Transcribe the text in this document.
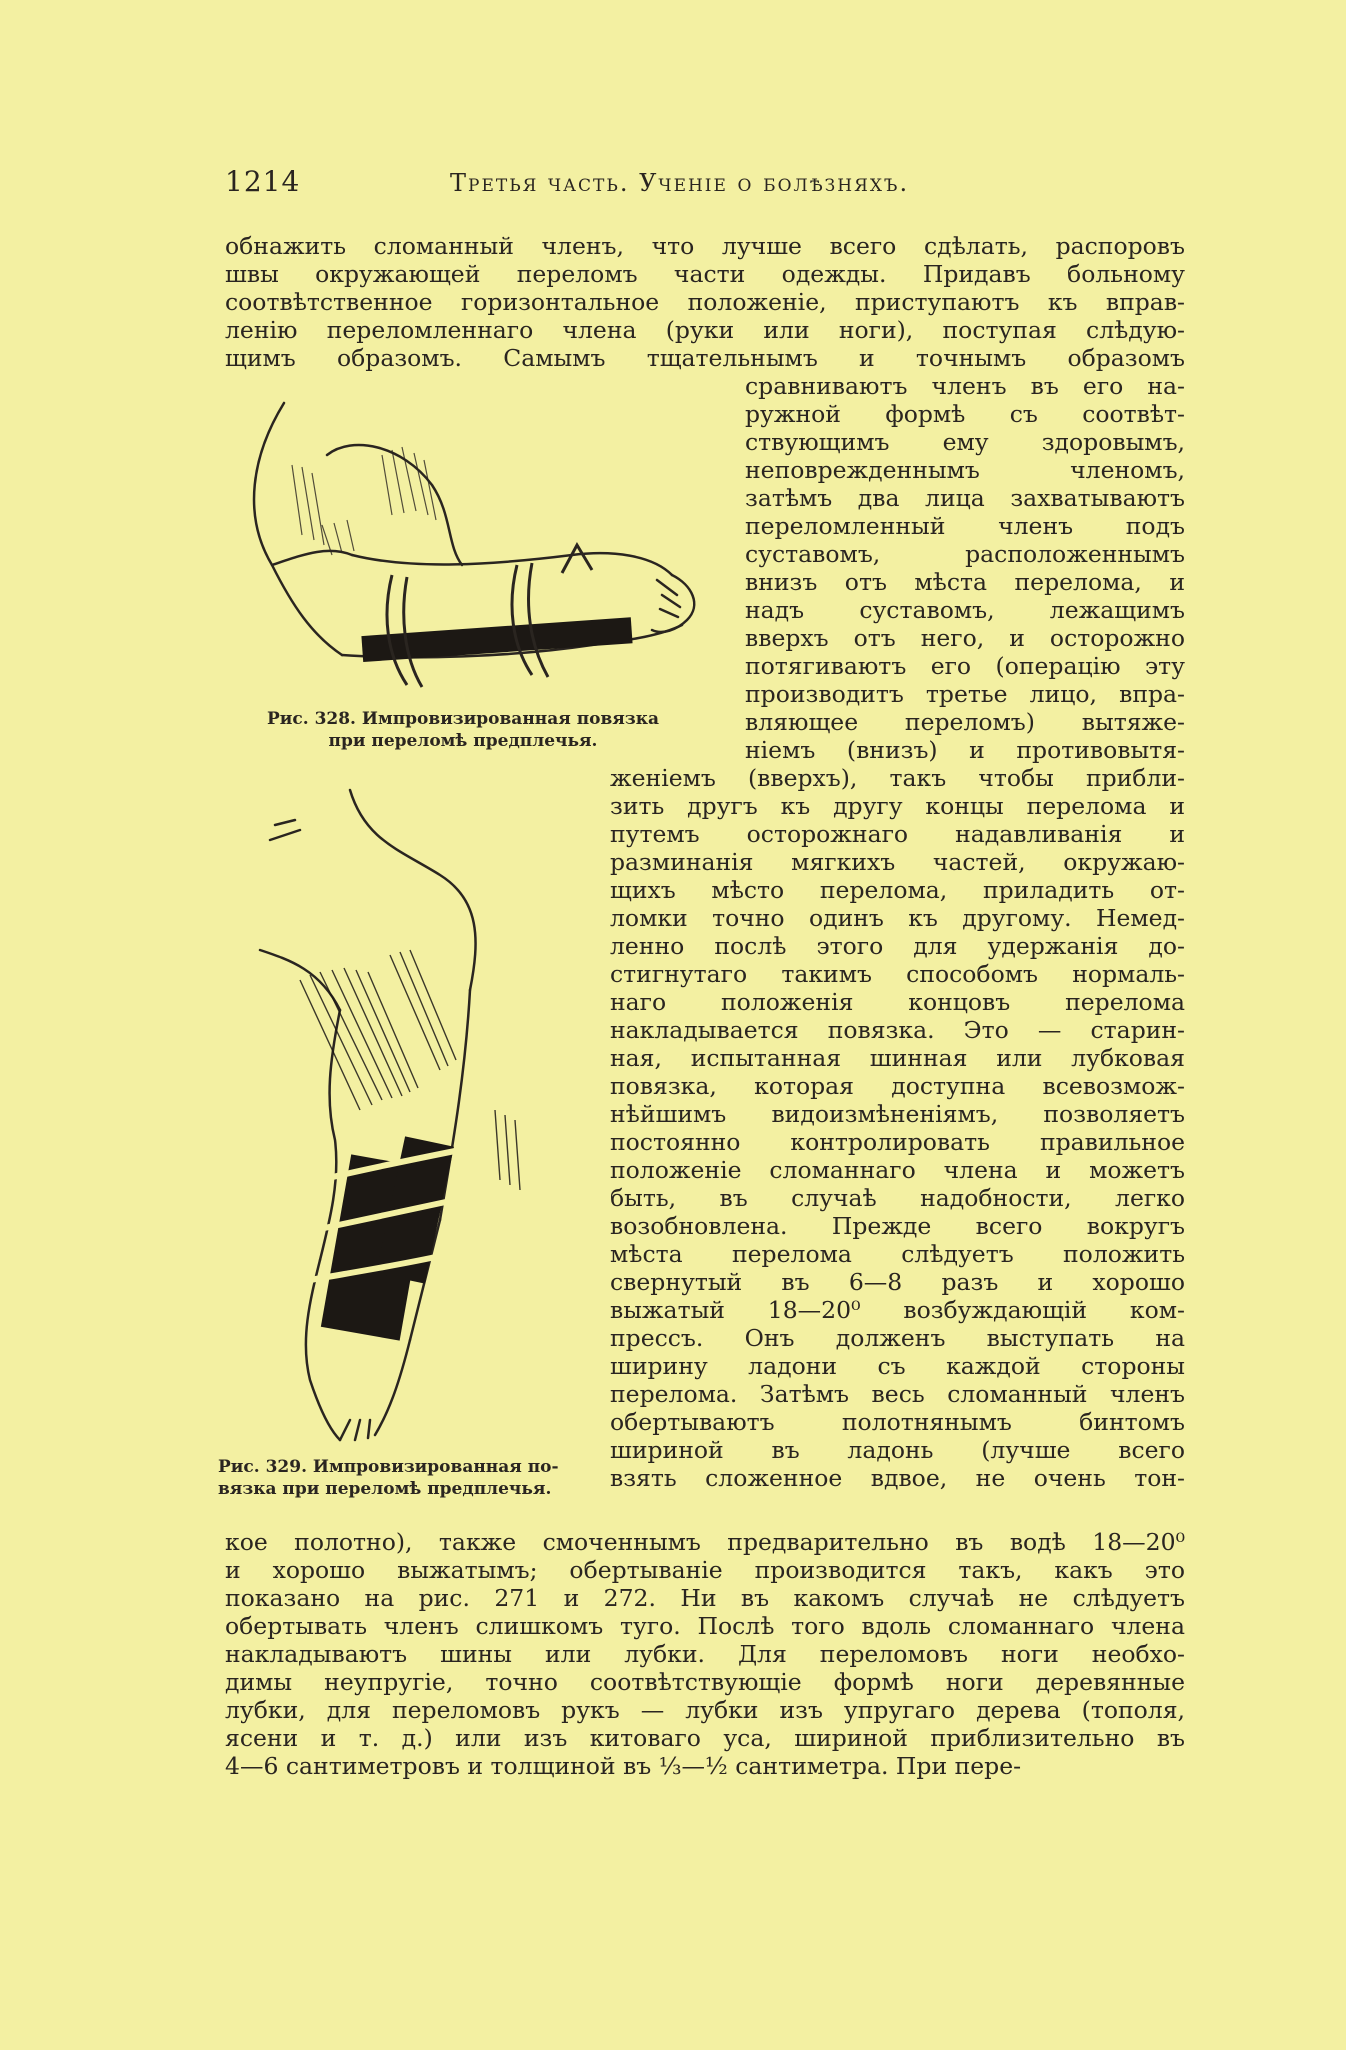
1214	Третья часть. Ученіе о болѣзняхъ.
Рис. 328. Импровизированная повязка
при переломѣ предплечья.
Рис. 329. Импровизированная по-
вязка при переломѣ предплечья.
обнажить сломанный членъ, что лучше всего сдѣлать, распоровъ
швы окружающей переломъ части одежды. Придавъ больному
соотвѣтственное горизонтальное положеніе, приступаютъ къ вправ-
ленію переломленнаго члена (руки или ноги), поступая слѣдую-
щимъ образомъ. Самымъ тщательнымъ и точнымъ образомъ
сравниваютъ членъ въ его на-
ружной формѣ съ соотвѣт-
ствующимъ ему здоровымъ,
неповрежденнымъ членомъ,
затѣмъ два лица захватываютъ
переломленный членъ подъ
суставомъ, расположеннымъ
внизъ отъ мѣста перелома, и
надъ суставомъ, лежащимъ
вверхъ отъ него, и осторожно
потягиваютъ его (операцію эту
производитъ третье лицо, впра-
вляющее переломъ) вытяже-
ніемъ (внизъ) и противовытя-
женіемъ (вверхъ), такъ чтобы прибли-
зить другъ къ другу концы перелома и
путемъ осторожнаго надавливанія и
разминанія мягкихъ частей, окружаю-
щихъ мѣсто перелома, приладить от-
ломки точно одинъ къ другому. Немед-
ленно послѣ этого для удержанія до-
стигнутаго такимъ способомъ нормаль-
наго положенія концовъ перелома
накладывается повязка. Это — старин-
ная, испытанная шинная или лубковая
повязка, которая доступна всевозмож-
нѣйшимъ видоизмѣненіямъ, позволяетъ
постоянно контролировать правильное
положеніе сломаннаго члена и можетъ
быть, въ случаѣ надобности, легко
возобновлена. Прежде всего вокругъ
мѣста перелома слѣдуетъ положить
свернутый въ 6—8 разъ и хорошо
выжатый 18—20⁰ возбуждающій ком-
прессъ. Онъ долженъ выступать на
ширину ладони съ каждой стороны
перелома. Затѣмъ весь сломанный членъ
обертываютъ полотнянымъ бинтомъ
шириной въ ладонь (лучше всего
взять сложенное вдвое, не очень тон-
кое полотно), также смоченнымъ предварительно въ водѣ 18—20⁰
и хорошо выжатымъ; обертываніе производится такъ, какъ это
показано на рис. 271 и 272. Ни въ какомъ случаѣ не слѣдуетъ
обертывать членъ слишкомъ туго. Послѣ того вдоль сломаннаго члена
накладываютъ шины или лубки. Для переломовъ ноги необхо-
димы неупругіе, точно соотвѣтствующіе формѣ ноги деревянные
лубки, для переломовъ рукъ — лубки изъ упругаго дерева (тополя,
ясени и т. д.) или изъ китоваго уса, шириной приблизительно въ
4—6 сантиметровъ и толщиной въ ⅓—½ сантиметра. При пере-
